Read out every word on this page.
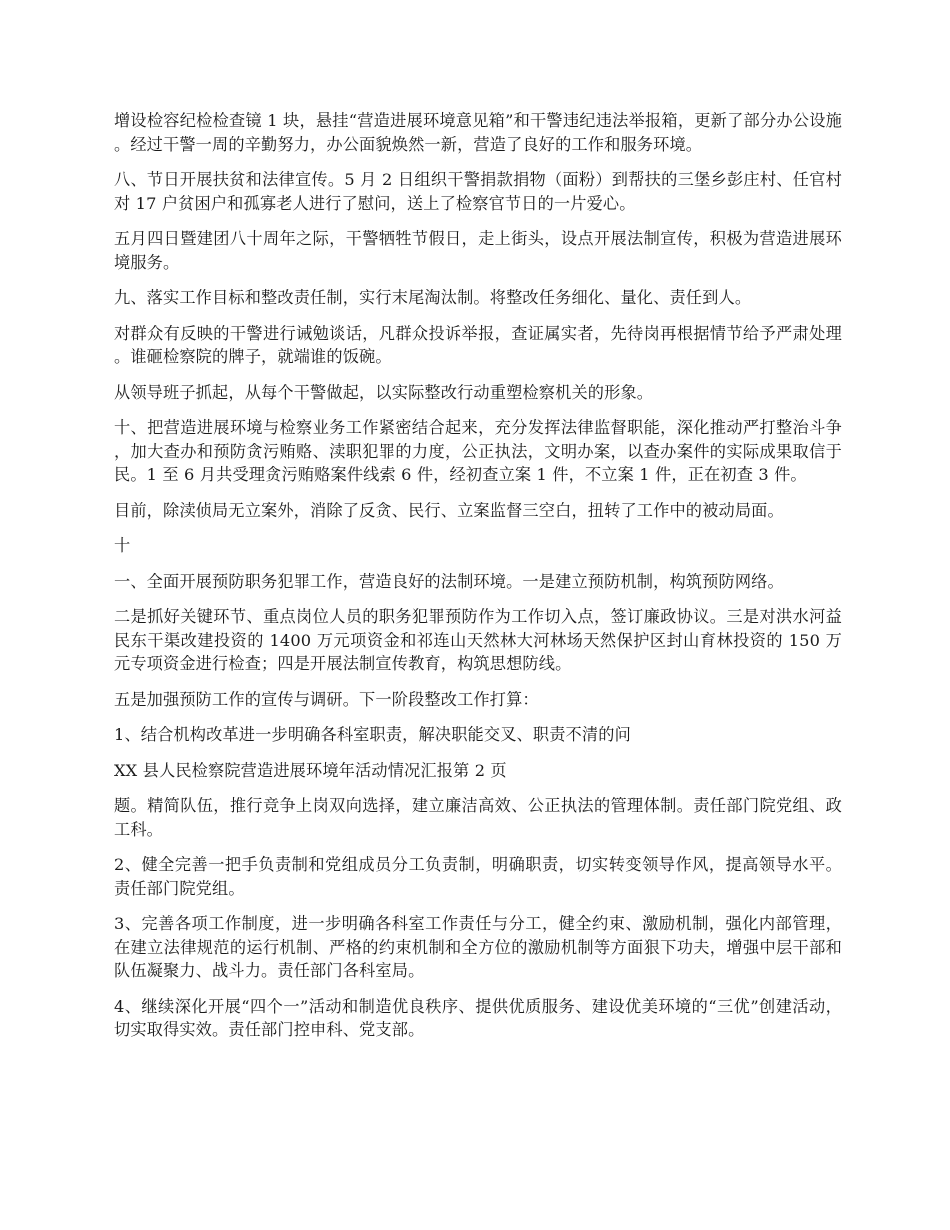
增设检容纪检检查镜 1 块，悬挂“营造进展环境意见箱”和干警违纪违法举报箱，更新了部分办公设施。经过干警一周的辛勤努力，办公面貌焕然一新，营造了良好的工作和服务环境。

八、节日开展扶贫和法律宣传。5 月 2 日组织干警捐款捐物（面粉）到帮扶的三堡乡彭庄村、任官村对 17 户贫困户和孤寡老人进行了慰问，送上了检察官节日的一片爱心。

五月四日暨建团八十周年之际，干警牺牲节假日，走上街头，设点开展法制宣传，积极为营造进展环境服务。

九、落实工作目标和整改责任制，实行末尾淘汰制。将整改任务细化、量化、责任到人。

对群众有反映的干警进行诫勉谈话，凡群众投诉举报，查证属实者，先待岗再根据情节给予严肃处理。谁砸检察院的牌子，就端谁的饭碗。

从领导班子抓起，从每个干警做起，以实际整改行动重塑检察机关的形象。

十、把营造进展环境与检察业务工作紧密结合起来，充分发挥法律监督职能，深化推动严打整治斗争，加大查办和预防贪污贿赂、渎职犯罪的力度，公正执法，文明办案，以查办案件的实际成果取信于民。1 至 6 月共受理贪污贿赂案件线索 6 件，经初查立案 1 件，不立案 1 件，正在初查 3 件。

目前，除渎侦局无立案外，消除了反贪、民行、立案监督三空白，扭转了工作中的被动局面。

十

一、全面开展预防职务犯罪工作，营造良好的法制环境。一是建立预防机制，构筑预防网络。

二是抓好关键环节、重点岗位人员的职务犯罪预防作为工作切入点，签订廉政协议。三是对洪水河益民东干渠改建投资的 1400 万元项资金和祁连山天然林大河林场天然保护区封山育林投资的 150 万元专项资金进行检查；四是开展法制宣传教育，构筑思想防线。

五是加强预防工作的宣传与调研。下一阶段整改工作打算：

1、结合机构改革进一步明确各科室职责，解决职能交叉、职责不清的问

XX 县人民检察院营造进展环境年活动情况汇报第 2 页

题。精简队伍，推行竞争上岗双向选择，建立廉洁高效、公正执法的管理体制。责任部门院党组、政工科。

2、健全完善一把手负责制和党组成员分工负责制，明确职责，切实转变领导作风，提高领导水平。责任部门院党组。

3、完善各项工作制度，进一步明确各科室工作责任与分工，健全约束、激励机制，强化内部管理，在建立法律规范的运行机制、严格的约束机制和全方位的激励机制等方面狠下功夫，增强中层干部和队伍凝聚力、战斗力。责任部门各科室局。

4、继续深化开展“四个一”活动和制造优良秩序、提供优质服务、建设优美环境的“三优”创建活动，切实取得实效。责任部门控申科、党支部。
